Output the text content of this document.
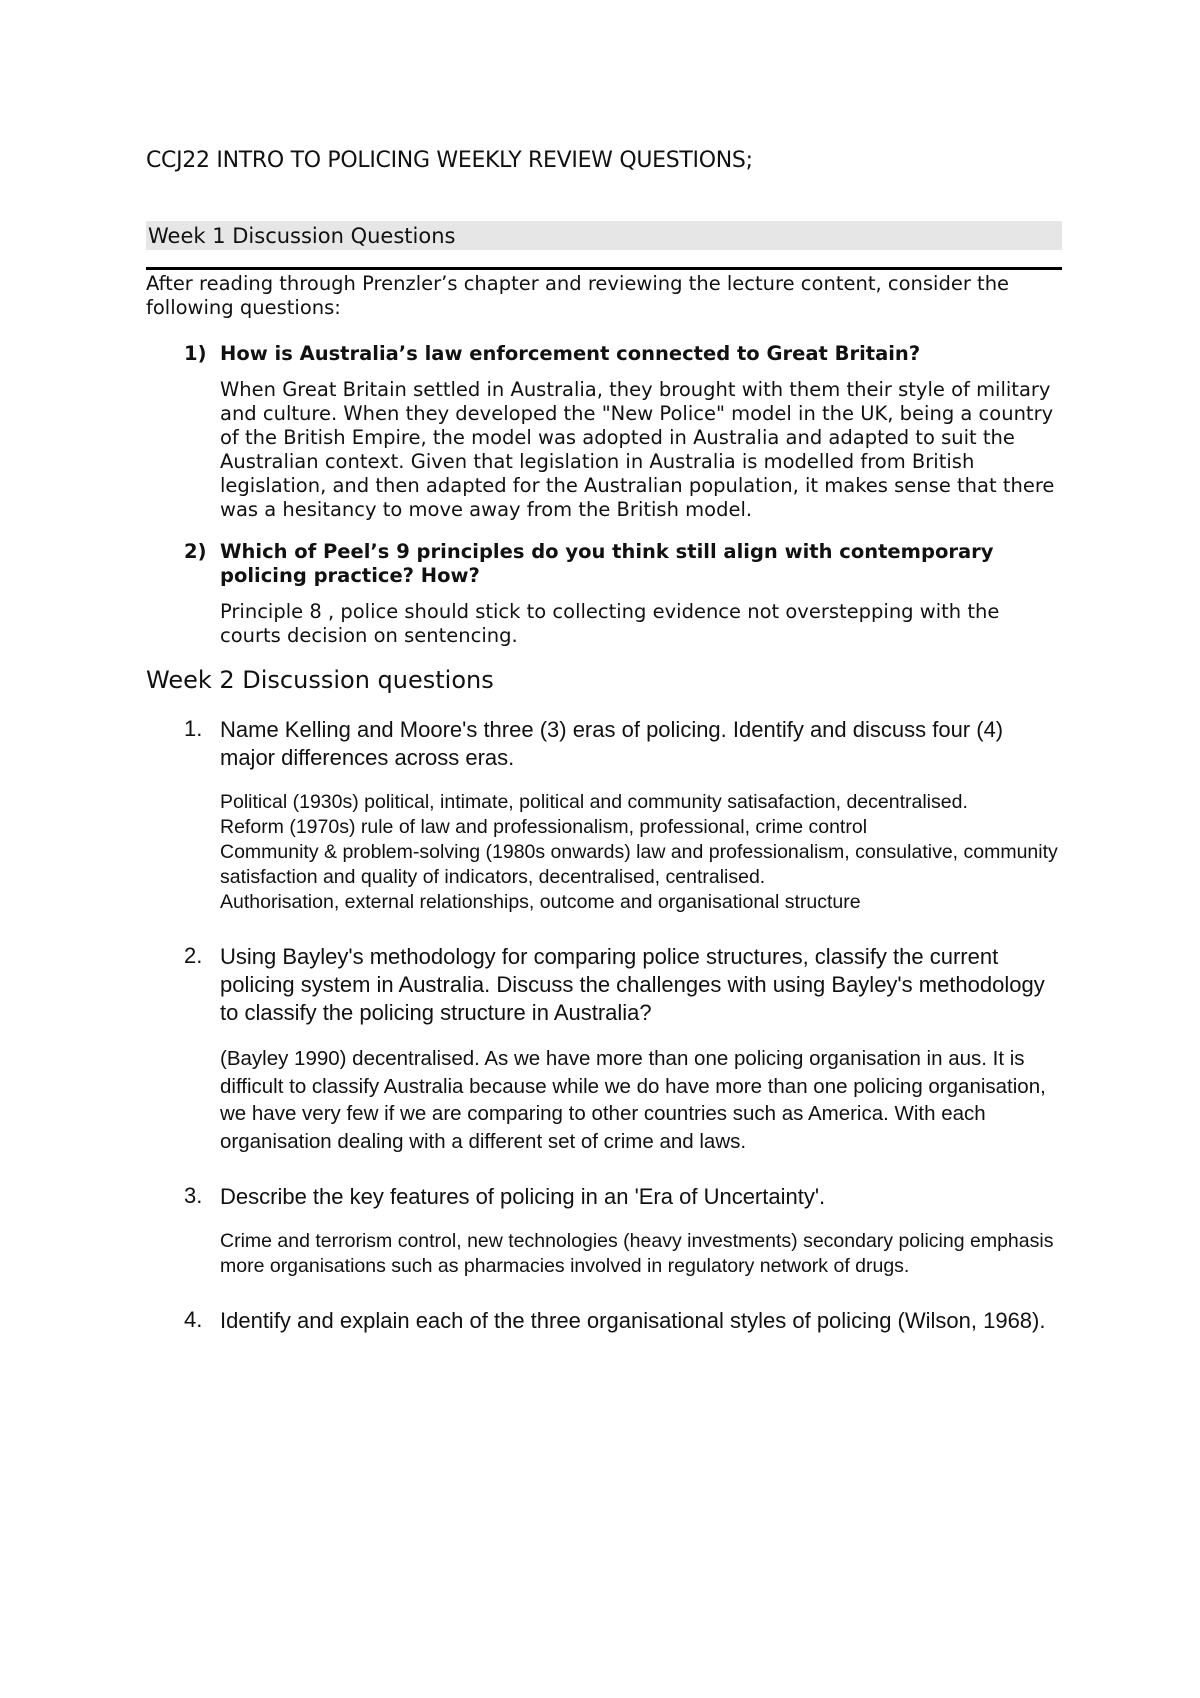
CCJ22 INTRO TO POLICING WEEKLY REVIEW QUESTIONS;
Week 1 Discussion Questions

After reading through Prenzler’s chapter and reviewing the lecture content, consider the following questions:

1) How is Australia’s law enforcement connected to Great Britain?

When Great Britain settled in Australia, they brought with them their style of military and culture. When they developed the "New Police" model in the UK, being a country of the British Empire, the model was adopted in Australia and adapted to suit the Australian context. Given that legislation in Australia is modelled from British legislation, and then adapted for the Australian population, it makes sense that there was a hesitancy to move away from the British model.

2) Which of Peel’s 9 principles do you think still align with contemporary policing practice? How?

Principle 8 , police should stick to collecting evidence not overstepping with the courts decision on sentencing.

Week 2 Discussion questions
1. Name Kelling and Moore's three (3) eras of policing. Identify and discuss four (4) major differences across eras.

Political (1930s) political, intimate, political and community satisafaction, decentralised.

Reform (1970s) rule of law and professionalism, professional, crime control

Community & problem-solving (1980s onwards) law and professionalism, consulative, community satisfaction and quality of indicators, decentralised, centralised.

Authorisation, external relationships, outcome and organisational structure

2. Using Bayley's methodology for comparing police structures, classify the current policing system in Australia. Discuss the challenges with using Bayley's methodology to classify the policing structure in Australia?

(Bayley 1990) decentralised. As we have more than one policing organisation in aus. It is difficult to classify Australia because while we do have more than one policing organisation, we have very few if we are comparing to other countries such as America. With each organisation dealing with a different set of crime and laws.

3. Describe the key features of policing in an 'Era of Uncertainty'.

Crime and terrorism control, new technologies (heavy investments) secondary policing emphasis more organisations such as pharmacies involved in regulatory network of drugs.

4. Identify and explain each of the three organisational styles of policing (Wilson, 1968).
